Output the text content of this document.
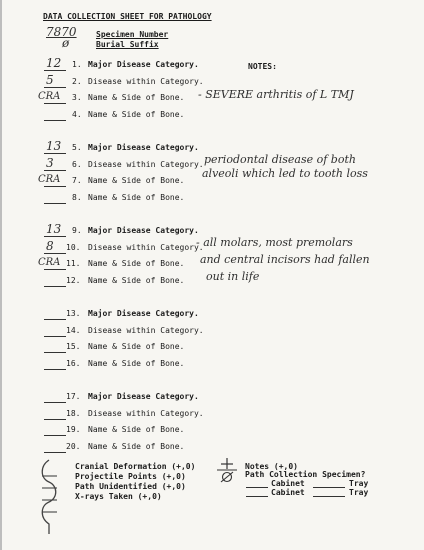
DATA COLLECTION SHEET FOR PATHOLOGY
7870 Specimen Number
ø	Burial Suffix
NOTES:
12 1. Major Disease Category.
5 2. Disease within Category.
CRA 3. Name & Side of Bone.
4. Name & Side of Bone.
- SEVERE arthritis of L TMJ
13 5. Major Disease Category.
3 6. Disease within Category.
CRA 7. Name & Side of Bone.
8. Name & Side of Bone.
periodontal disease of both
alveoli which led to tooth loss
13 9. Major Disease Category.
8 10. Disease within Category.
CRA 11. Name & Side of Bone.
12. Name & Side of Bone.
- all molars, most premolars
and central incisors had fallen
out in life
13. Major Disease Category.
14. Disease within Category.
15. Name & Side of Bone.
16. Name & Side of Bone.
17. Major Disease Category.
18. Disease within Category.
19. Name & Side of Bone.
20. Name & Side of Bone.
Cranial Deformation (+,0)
Projectile Points (+,0)
Path Unidentified (+,0)
X-rays Taken (+,0)
Notes (+,0)
Path Collection Specimen?
Cabinet	Tray
Cabinet	Tray
